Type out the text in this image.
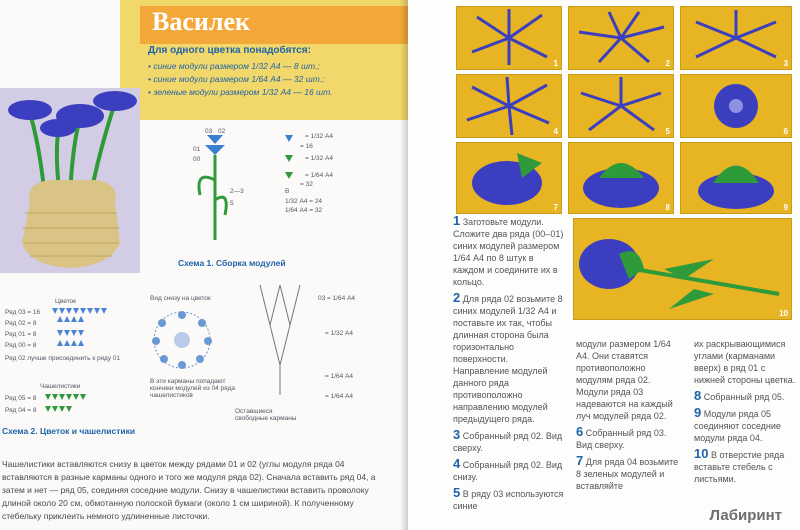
Василек
Для одного цветка понадобятся:
• синие модули размером 1/32 А4 — 8 шт.;
• синие модули размером 1/64 А4 — 32 шт.;
• зеленые модули размером 1/32 А4 — 16 шт.
03 02
01
00
2—3
5
B
1/32 А4 = 24
1/64 А4 = 32
= 1/32 А4
= 16
= 1/32 А4
= 1/64 А4
= 32
Схема 1. Сборка модулей
Вид снизу на цветок
В эти карманы попадают кончики модулей из 04 ряда чашелистиков
Оставшиеся свободные карманы
03 = 1/64 А4
= 1/32 А4
= 1/64 А4
= 1/64 А4
Цветок
Ряд 03 = 16
Ряд 02 = 8
Ряд 01 = 8
Ряд 00 = 8
Ряд 02 лучше присоединить к ряду 01
Чашелистики
Ряд 05 = 8
Ряд 04 = 8
Схема 2. Цветок и чашелистики
Чашелистики вставляются снизу в цветок между рядами 01 и 02 (углы модуля ряда 04 вставляются в разные карманы одного и того же модуля ряда 02). Сначала вставить ряд 04, а затем и нет — ряд 05, соединяя соседние модули. Снизу в чашелистики вставить проволоку длиной около 20 см, обмотанную полоской бумаги (около 1 см шириной). К полученному стебельку приклеить немного удлиненные листочки.
1	2	3
4	5	6
7	8	9
10

1 Заготовьте модули. Сложите два ряда (00–01) синих модулей размером 1/64 А4 по 8 штук в каждом и соедините их в кольцо.

2 Для ряда 02 возьмите 8 синих модулей 1/32 А4 и поставьте их так, чтобы длинная сторона была горизонтально поверхности. Направление модулей данного ряда противоположно направлению модулей предыдущего ряда.

3 Собранный ряд 02. Вид сверху.

4 Собранный ряд 02. Вид снизу.

5 В ряду 03 используются синие

модули размером 1/64 А4. Они ставятся противоположно модулям ряда 02. Модули ряда 03 надеваются на каждый луч модулей ряда 02.

6 Собранный ряд 03. Вид сверху.

7 Для ряда 04 возьмите 8 зеленых модулей и вставляйте

их раскрывающимися углами (карманами вверх) в ряд 01 с нижней стороны цветка.

8 Собранный ряд 05.

9 Модули ряда 05 соединяют соседние модули ряда 04.

10 В отверстие ряда вставьте стебель с листьями.

Лабиринт
